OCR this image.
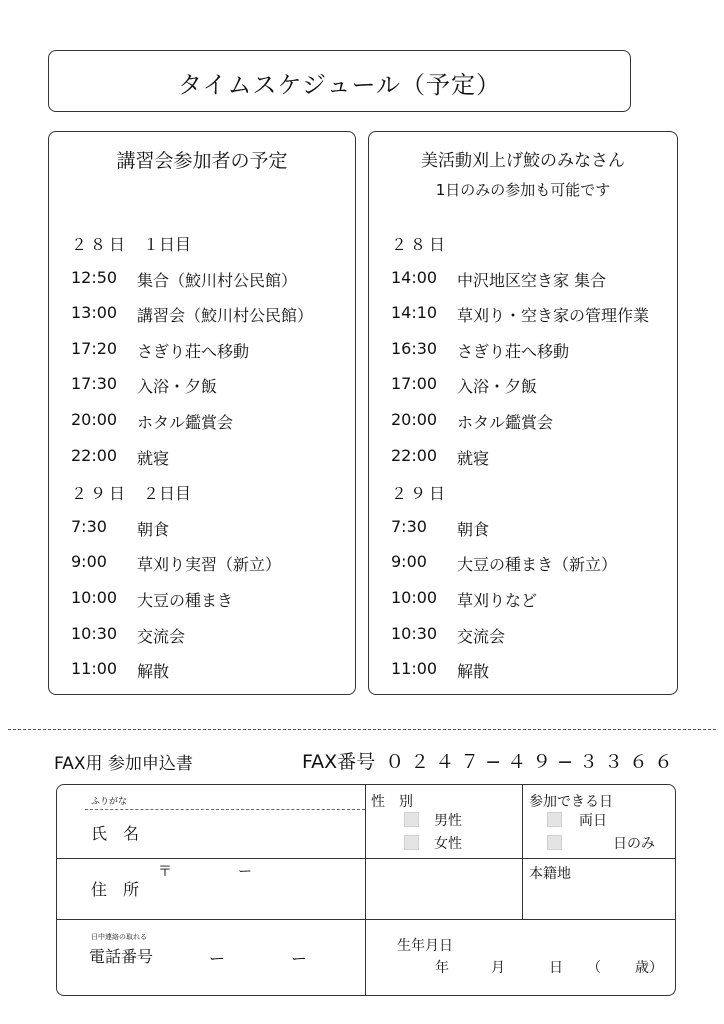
タイムスケジュール（予定）
講習会参加者の予定
２８日 １日目
12:50 集合（鮫川村公民館）
13:00 講習会（鮫川村公民館）
17:20 さぎり荘へ移動
17:30 入浴・夕飯
20:00 ホタル鑑賞会
22:00 就寝
２９日 ２日目
7:30 朝食
9:00 草刈り実習（新立）
10:00 大豆の種まき
10:30 交流会
11:00 解散
美活動刈上げ鮫のみなさん
1日のみの参加も可能です
２８日
14:00 中沢地区空き家 集合
14:10 草刈り・空き家の管理作業
16:30 さぎり荘へ移動
17:00 入浴・夕飯
20:00 ホタル鑑賞会
22:00 就寝
２９日
7:30 朝食
9:00 大豆の種まき（新立）
10:00 草刈りなど
10:30 交流会
11:00 解散
FAX用 参加申込書	FAX番号 ０２４７−４９−３３６６
ふりがな
氏　名
性　別
男性
女性
参加できる日
両日
日のみ
〒	ー
住　所
本籍地
日中連絡の取れる
電話番号	ー	ー
生年月日
年	月	日 （ 歳）
